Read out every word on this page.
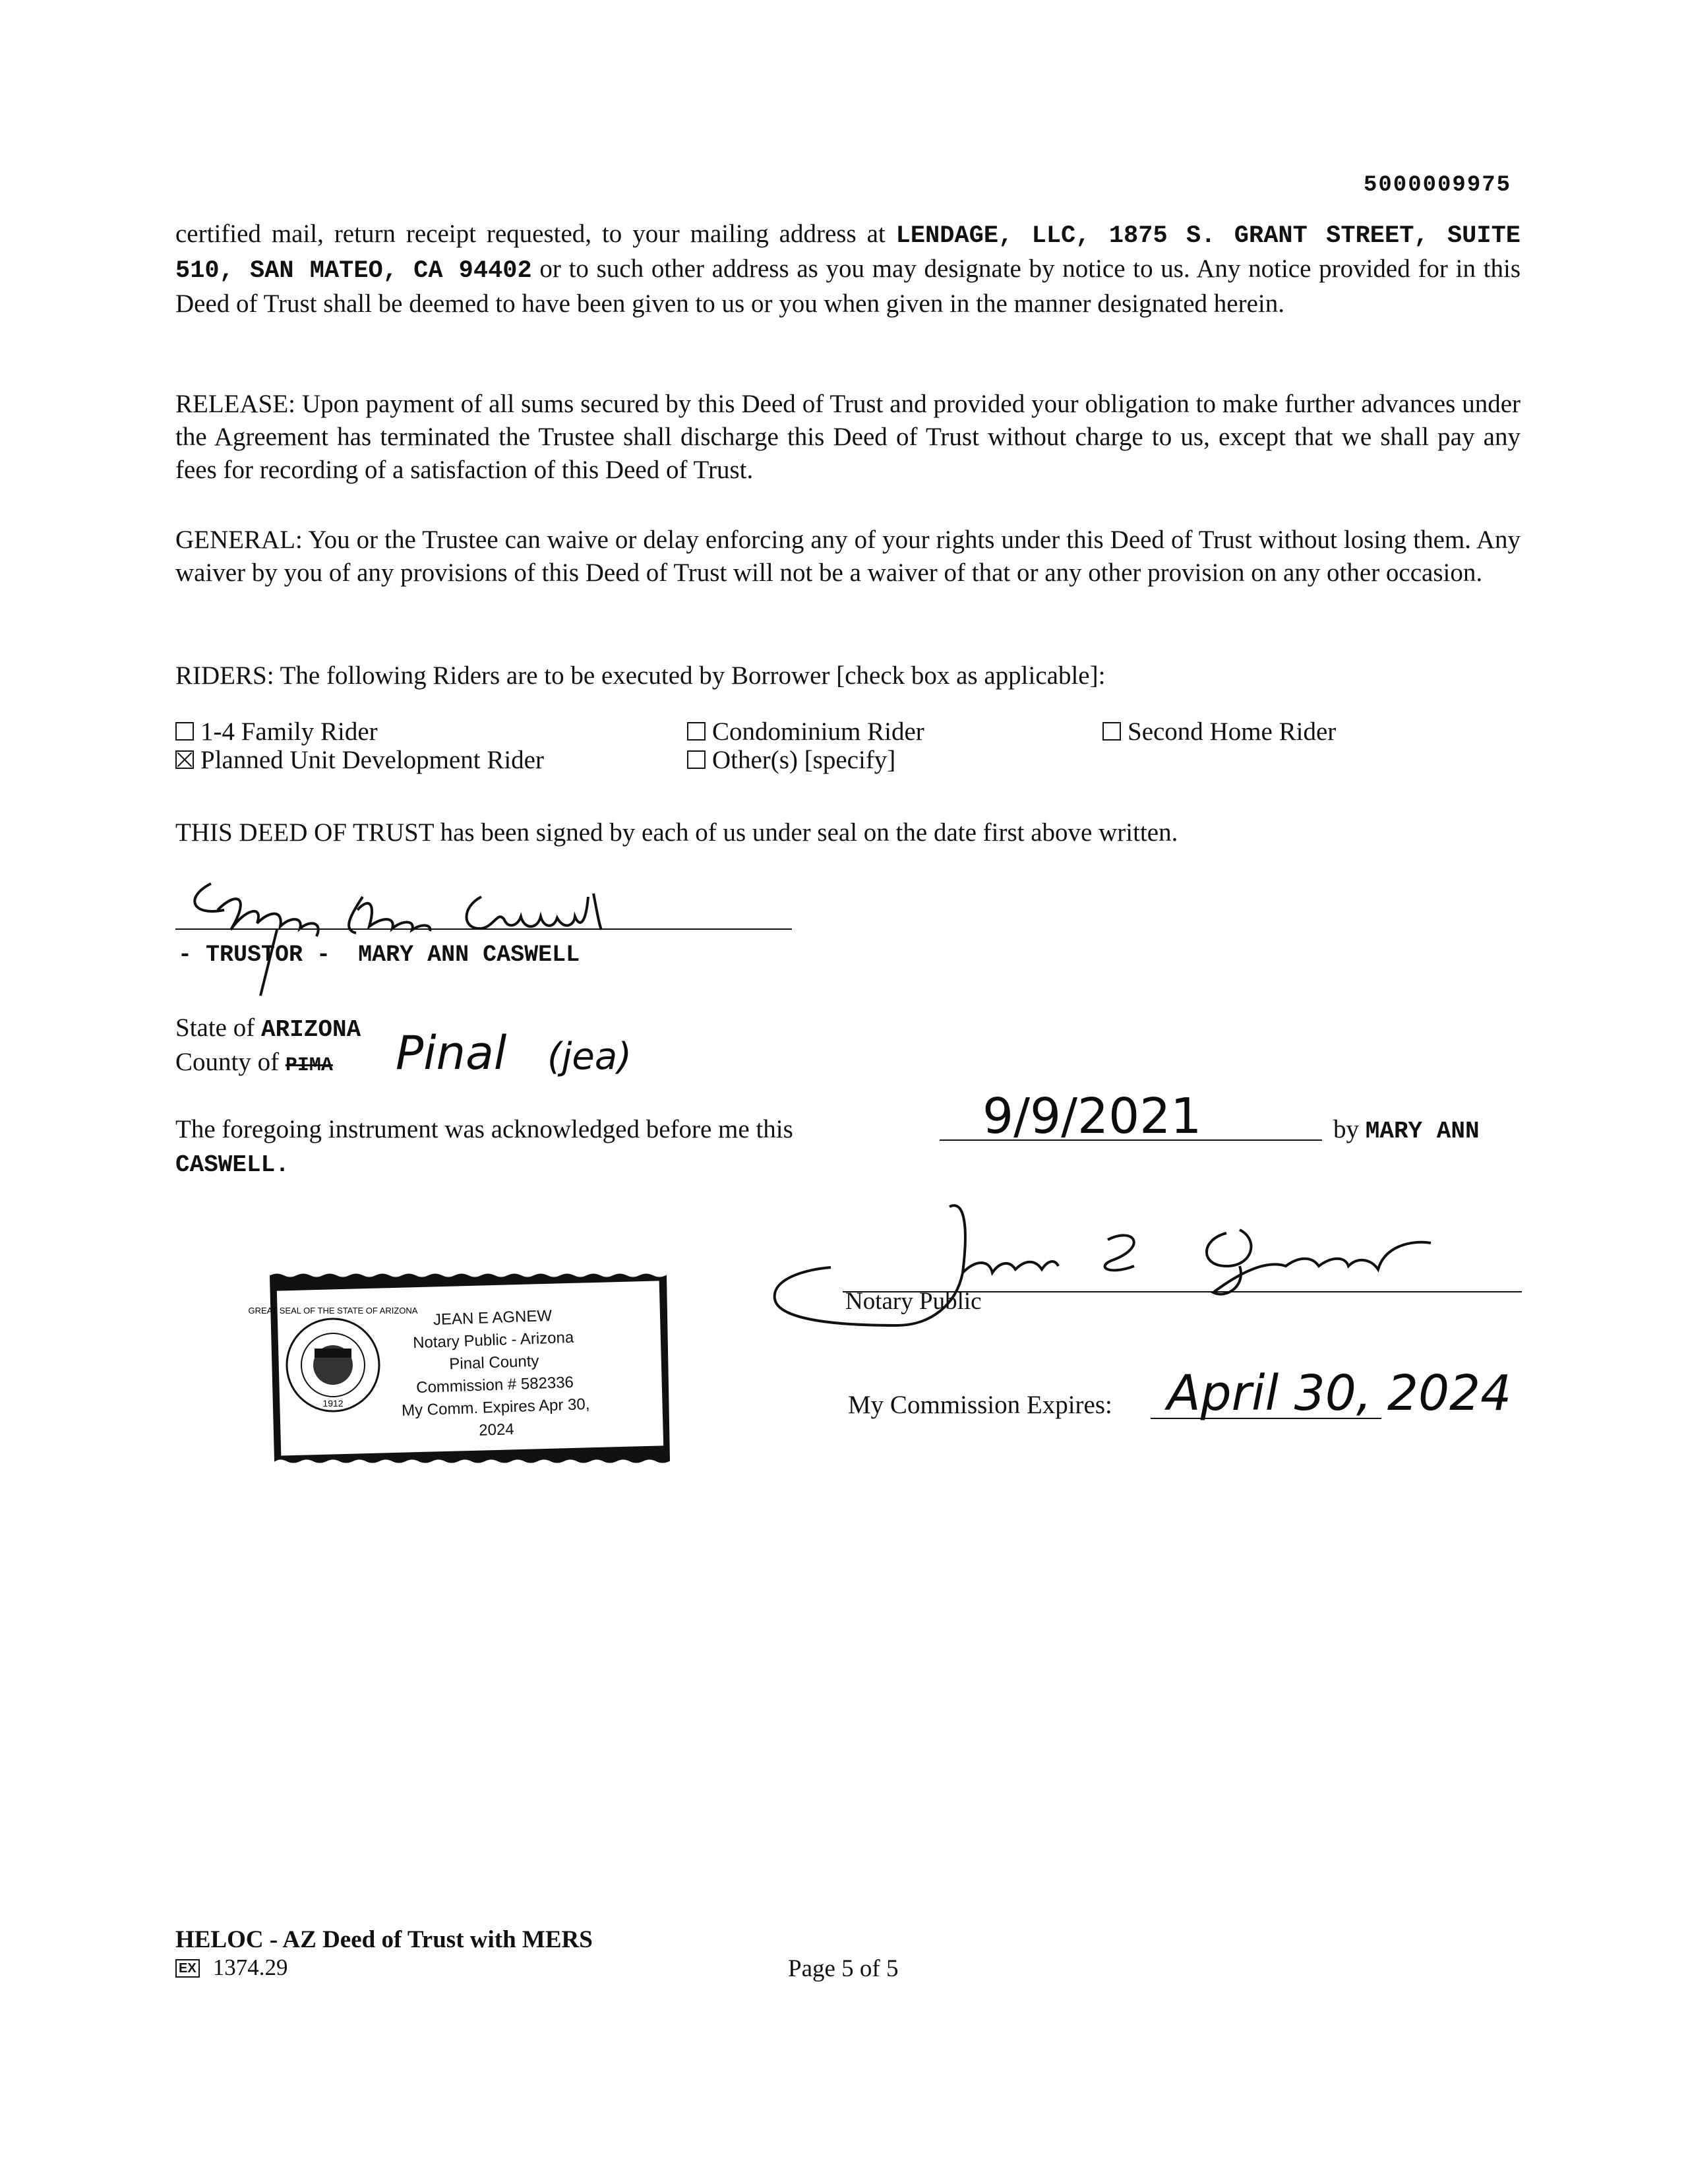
5000009975

certified mail, return receipt requested, to your mailing address at LENDAGE, LLC, 1875 S. GRANT STREET, SUITE 510, SAN MATEO, CA 94402 or to such other address as you may designate by notice to us. Any notice provided for in this Deed of Trust shall be deemed to have been given to us or you when given in the manner designated herein.

RELEASE: Upon payment of all sums secured by this Deed of Trust and provided your obligation to make further advances under the Agreement has terminated the Trustee shall discharge this Deed of Trust without charge to us, except that we shall pay any fees for recording of a satisfaction of this Deed of Trust.

GENERAL: You or the Trustee can waive or delay enforcing any of your rights under this Deed of Trust without losing them. Any waiver by you of any provisions of this Deed of Trust will not be a waiver of that or any other provision on any other occasion.

RIDERS: The following Riders are to be executed by Borrower [check box as applicable]:

1-4 Family Rider	Condominium Rider	Second Home Rider
Planned Unit Development Rider	Other(s) [specify]

THIS DEED OF TRUST has been signed by each of us under seal on the date first above written.

- TRUSTOR - MARY ANN CASWELL
State of ARIZONA
County of PIMA Pinal (jea)
The foregoing instrument was acknowledged before me this	9/9/2021	by MARY ANN
CASWELL.
GREAT SEAL OF THE STATE OF ARIZONA
1912
JEAN E AGNEW
Notary Public - Arizona
Pinal County
Commission # 582336
My Comm. Expires Apr 30, 2024
Notary Public
My Commission Expires: April 30, 2024
HELOC - AZ Deed of Trust with MERS
EX 1374.29	Page 5 of 5
